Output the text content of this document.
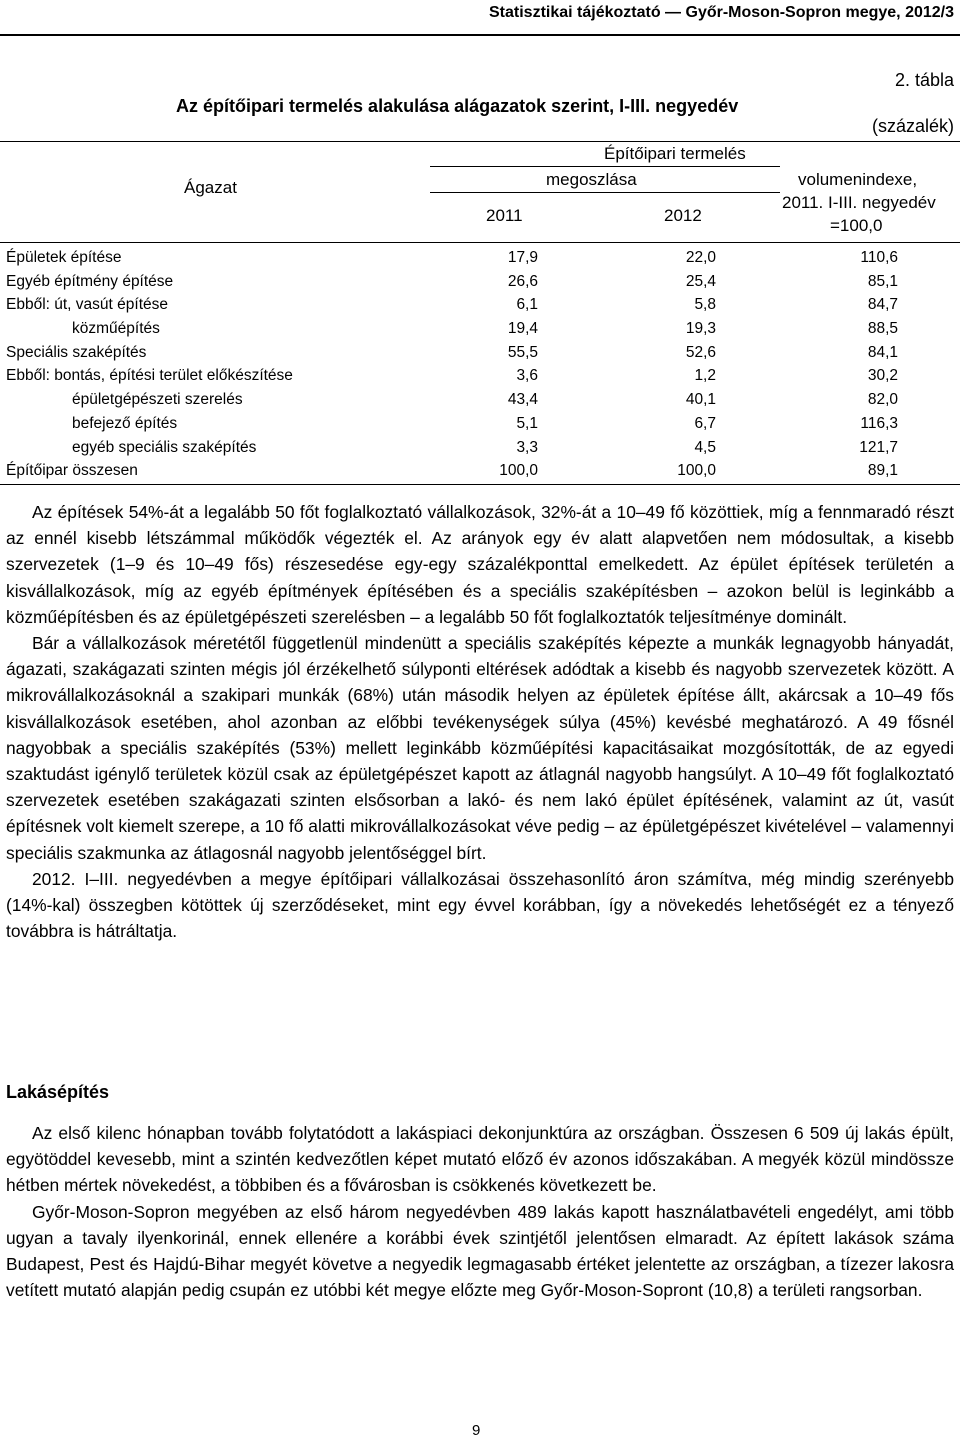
Statisztikai tájékoztató — Győr-Moson-Sopron megye, 2012/3
2. tábla
Az építőipari termelés alakulása alágazatok szerint, I-III. negyedév
(százalék)
Ágazat
Építőipari termelés
megoszlása
2011	2012
volumenindexe,
2011. I-III. negyedév
=100,0
Épületek építése	17,9	22,0	110,6
Egyéb építmény építése	26,6	25,4	85,1
Ebből: út, vasút építése	6,1	5,8	84,7
közműépítés	19,4	19,3	88,5
Speciális szaképítés	55,5	52,6	84,1
Ebből: bontás, építési terület előkészítése	3,6	1,2	30,2
épületgépészeti szerelés	43,4	40,1	82,0
befejező építés	5,1	6,7	116,3
egyéb speciális szaképítés	3,3	4,5	121,7
Építőipar összesen	100,0	100,0	89,1

Az építések 54%-át a legalább 50 főt foglalkoztató vállalkozások, 32%-át a 10–49 fő közöttiek, míg a fennmaradó részt az ennél kisebb létszámmal működők végezték el. Az arányok egy év alatt alapvetően nem módosultak, a kisebb szervezetek (1–9 és 10–49 fős) részesedése egy-egy százalékponttal emelkedett. Az épület építések területén a kisvállalkozások, míg az egyéb építmények építésében és a speciális szaképítésben – azokon belül is leginkább a közműépítésben és az épületgépészeti szerelésben – a legalább 50 főt foglalkoztatók teljesítménye dominált.

Bár a vállalkozások méretétől függetlenül mindenütt a speciális szaképítés képezte a munkák legnagyobb hányadát, ágazati, szakágazati szinten mégis jól érzékelhető súlyponti eltérések adódtak a kisebb és nagyobb szervezetek között. A mikrovállalkozásoknál a szakipari munkák (68%) után második helyen az épületek építése állt, akárcsak a 10–49 fős kisvállalkozások esetében, ahol azonban az előbbi tevékenységek súlya (45%) kevésbé meghatározó. A 49 fősnél nagyobbak a speciális szaképítés (53%) mellett leginkább közműépítési kapacitásaikat mozgósították, de az egyedi szaktudást igénylő területek közül csak az épületgépészet kapott az átlagnál nagyobb hangsúlyt. A 10–49 főt foglalkoztató szervezetek esetében szakágazati szinten elsősorban a lakó- és nem lakó épület építésének, valamint az út, vasút építésnek volt kiemelt szerepe, a 10 fő alatti mikrovállalkozásokat véve pedig – az épületgépészet kivételével – valamennyi speciális szakmunka az átlagosnál nagyobb jelentőséggel bírt.

2012. I–III. negyedévben a megye építőipari vállalkozásai összehasonlító áron számítva, még mindig szerényebb (14%-kal) összegben kötöttek új szerződéseket, mint egy évvel korábban, így a növekedés lehetőségét ez a tényező továbbra is hátráltatja.

Lakásépítés

Az első kilenc hónapban tovább folytatódott a lakáspiaci dekonjunktúra az országban. Összesen 6 509 új lakás épült, egyötöddel kevesebb, mint a szintén kedvezőtlen képet mutató előző év azonos időszakában. A megyék közül mindössze hétben mértek növekedést, a többiben és a fővárosban is csökkenés következett be.

Győr-Moson-Sopron megyében az első három negyedévben 489 lakás kapott használatbavételi engedélyt, ami több ugyan a tavaly ilyenkorinál, ennek ellenére a korábbi évek szintjétől jelentősen elmaradt. Az épített lakások száma Budapest, Pest és Hajdú-Bihar megyét követve a negyedik legmagasabb értéket jelentette az országban, a tízezer lakosra vetített mutató alapján pedig csupán ez utóbbi két megye előzte meg Győr-Moson-Sopront (10,8) a területi rangsorban.

9
